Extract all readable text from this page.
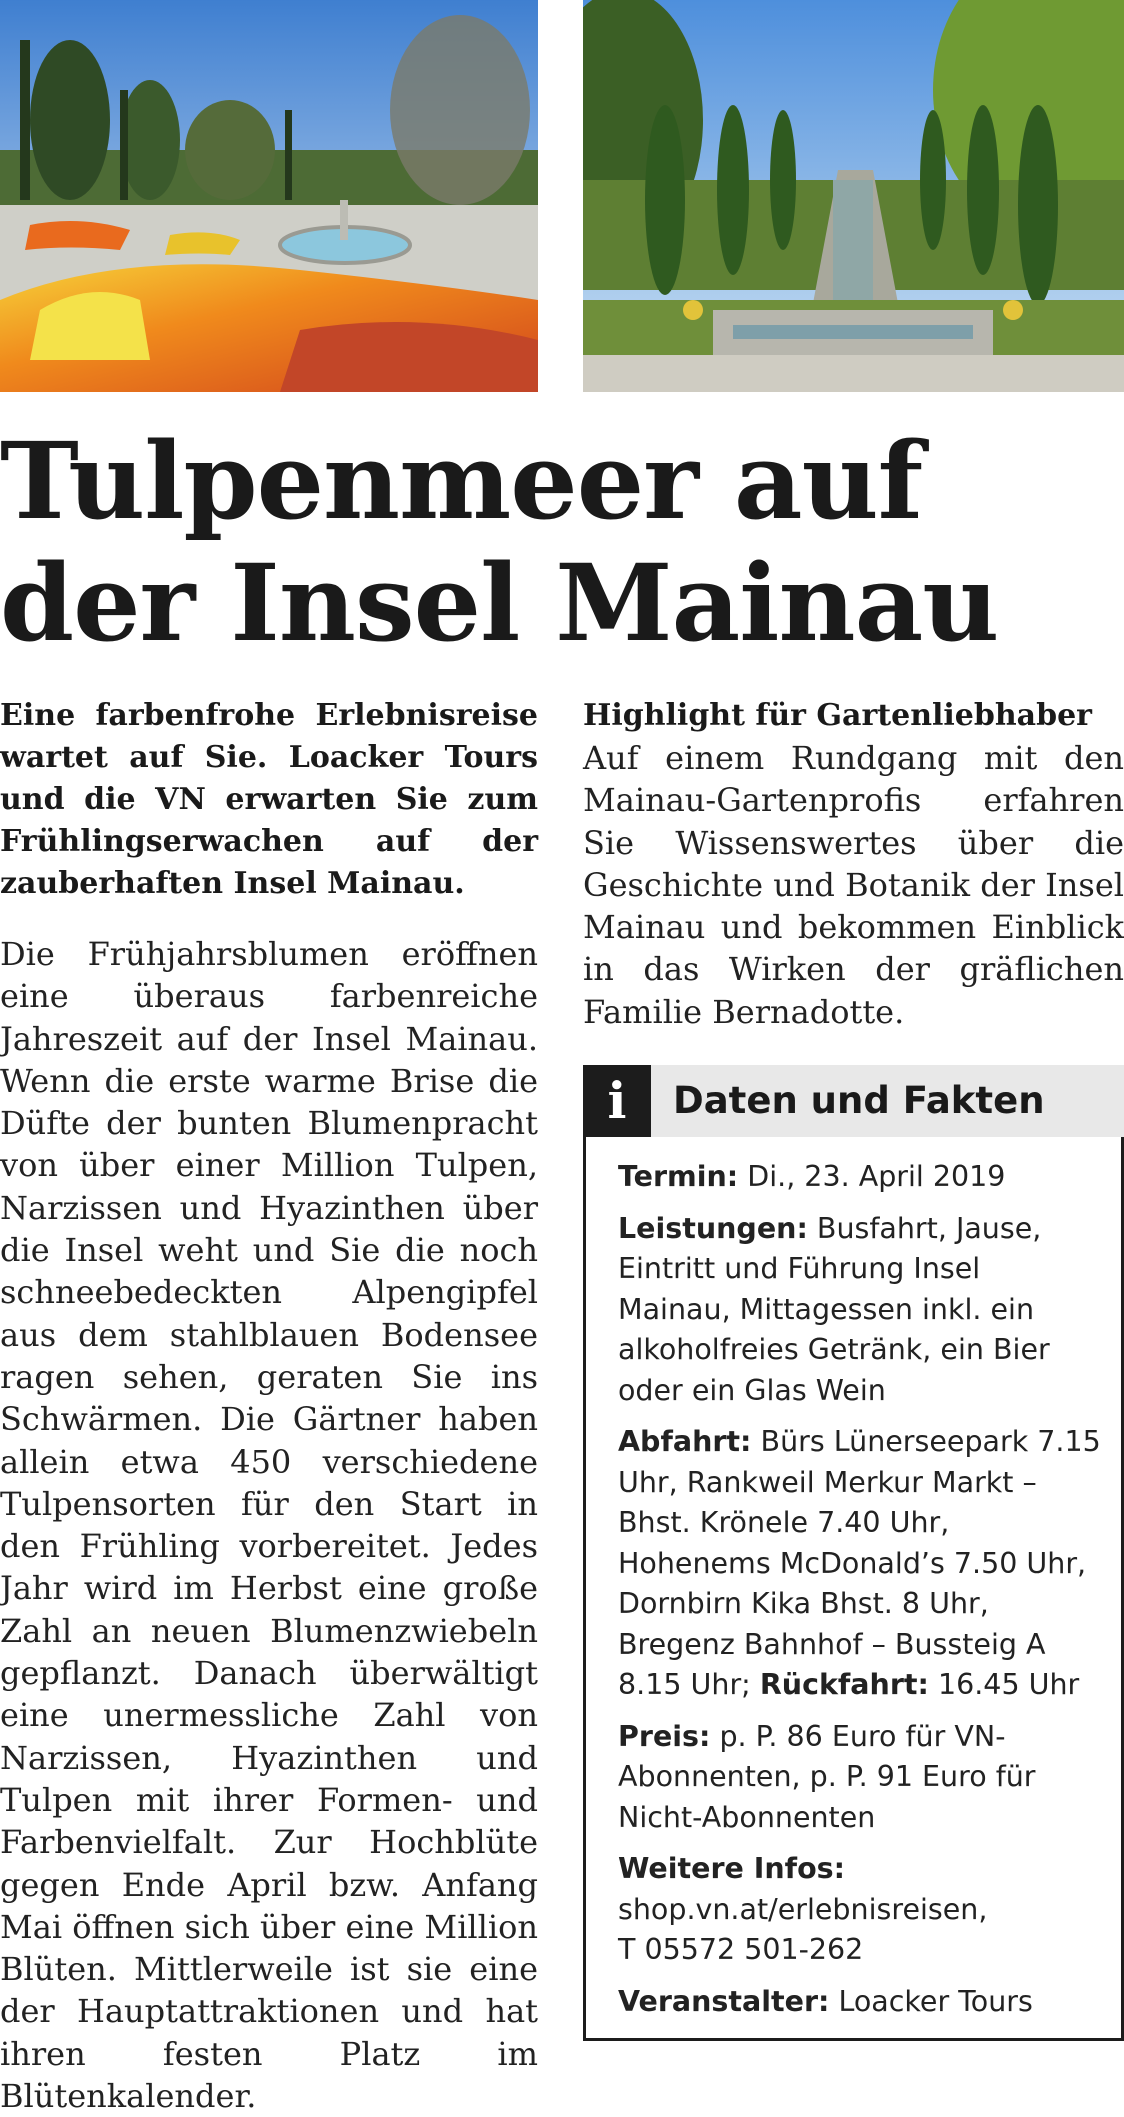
Tulpenmeer auf der Insel Mainau

Eine farbenfrohe Erlebnisreise wartet auf Sie. Loacker Tours und die VN erwarten Sie zum Frühlingserwachen auf der zauberhaften Insel Mainau.

Die Frühjahrsblumen eröffnen eine überaus farbenreiche Jahreszeit auf der Insel Mainau. Wenn die erste warme Brise die Düfte der bunten Blumenpracht von über einer Million Tulpen, Narzissen und Hyazinthen über die Insel weht und Sie die noch schneebedeckten Alpengipfel aus dem stahlblauen Bodensee ragen sehen, geraten Sie ins Schwärmen. Die Gärtner haben allein etwa 450 verschiedene Tulpensorten für den Start in den Frühling vorbereitet. Jedes Jahr wird im Herbst eine große Zahl an neuen Blumenzwiebeln gepflanzt. Danach überwältigt eine unermessliche Zahl von Narzissen, Hyazinthen und Tulpen mit ihrer Formen- und Farbenvielfalt. Zur Hochblüte gegen Ende April bzw. Anfang Mai öffnen sich über eine Million Blüten. Mittlerweile ist sie eine der Hauptattraktionen und hat ihren festen Platz im Blütenkalender.

Highlight für Gartenliebhaber

Auf einem Rundgang mit den Mainau-Gartenprofis erfahren Sie Wissenswertes über die Geschichte und Botanik der Insel Mainau und bekommen Einblick in das Wirken der gräflichen Familie Bernadotte.

i	Daten und Fakten

Termin: Di., 23. April 2019

Leistungen: Busfahrt, Jause, Eintritt und Führung Insel Mainau, Mittagessen inkl. ein alkoholfreies Getränk, ein Bier oder ein Glas Wein

Abfahrt: Bürs Lünerseepark 7.15 Uhr, Rankweil Merkur Markt – Bhst. Krönele 7.40 Uhr, Hohenems McDonald’s 7.50 Uhr, Dornbirn Kika Bhst. 8 Uhr, Bregenz Bahnhof – Bussteig A 8.15 Uhr; Rückfahrt: 16.45 Uhr

Preis: p. P. 86 Euro für VN-Abonnenten, p. P. 91 Euro für Nicht-Abonnenten

Weitere Infos:
shop.vn.at/erlebnisreisen,
T 05572 501-262

Veranstalter: Loacker Tours
